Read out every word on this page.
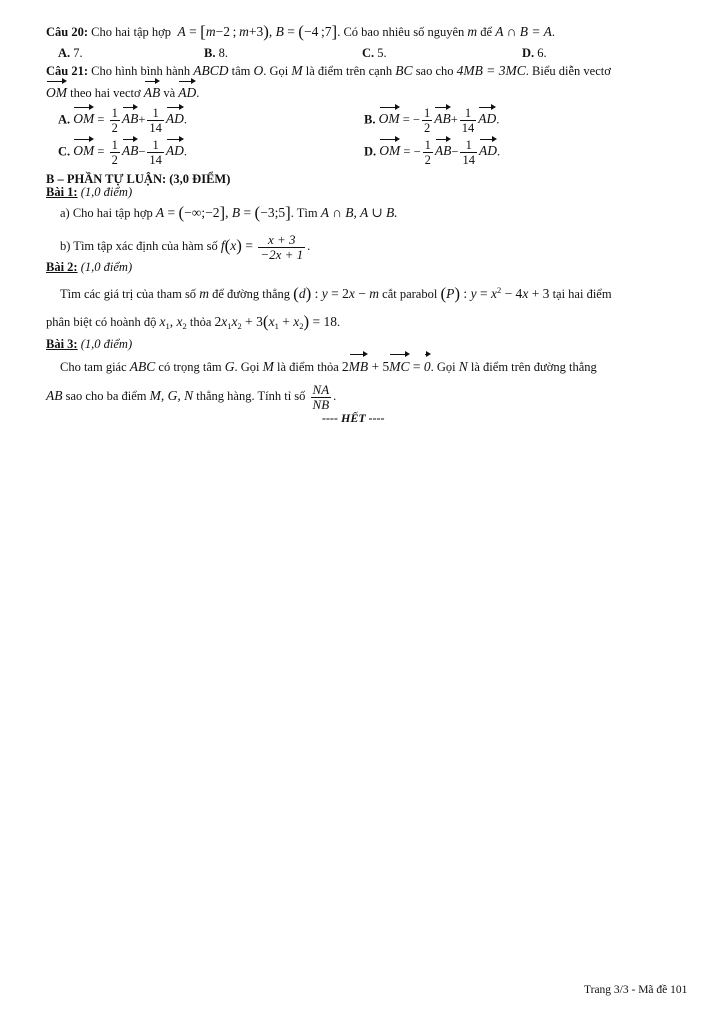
Câu 20: Cho hai tập hợp  A = [m−2 ; m+3), B = (−4 ;7]. Có bao nhiêu số nguyên m để A ∩ B = A.
A. 7.	B. 8.	C. 5.	D. 6.
Câu 21: Cho hình bình hành ABCD tâm O. Gọi M là điểm trên cạnh BC sao cho 4MB = 3MC. Biểu diễn vectơ
OM theo hai vectơ AB và AD.
A. OM = $\frac{1}{2} AB+ \frac{1}{14}$ AD.	B. OM = − $\frac{1}{2} AB+ \frac{1}{14}$ AD.
C. OM = $\frac{1}{2} AB- \frac{1}{14}$ AD.	D. OM = − $\frac{1}{2} AB- \frac{1}{14}$ AD.
B – PHẦN TỰ LUẬN: (3,0 ĐIỂM)
Bài 1: (1,0 điểm)
a) Cho hai tập hợp A = (−∞;−2], B = (−3;5]. Tìm A ∩ B, A ∪ B.
b) Tìm tập xác định của hàm số $f(x) = \frac{x + 3}{-2x + 1}$ .
Bài 2: (1,0 điểm)
Tìm các giá trị của tham số m để đường thẳng (d) : y = 2x − m cắt parabol (P) : $y = x^2 - 4x + 3$ tại hai điểm
phân biệt có hoành độ $x_1$, $x_2$ thỏa $2x_1x_2 + 3(x_1 + x_2) = 18$.
Bài 3: (1,0 điểm)
Cho tam giác ABC có trọng tâm G. Gọi M là điểm thỏa 2MB + 5MC = 0. Gọi N là điểm trên đường thẳng
AB sao cho ba điểm M, G, N thẳng hàng. Tính tỉ số $\frac{NA}{NB}$ .
---- HẾT ----
Trang 3/3 - Mã đề 101
